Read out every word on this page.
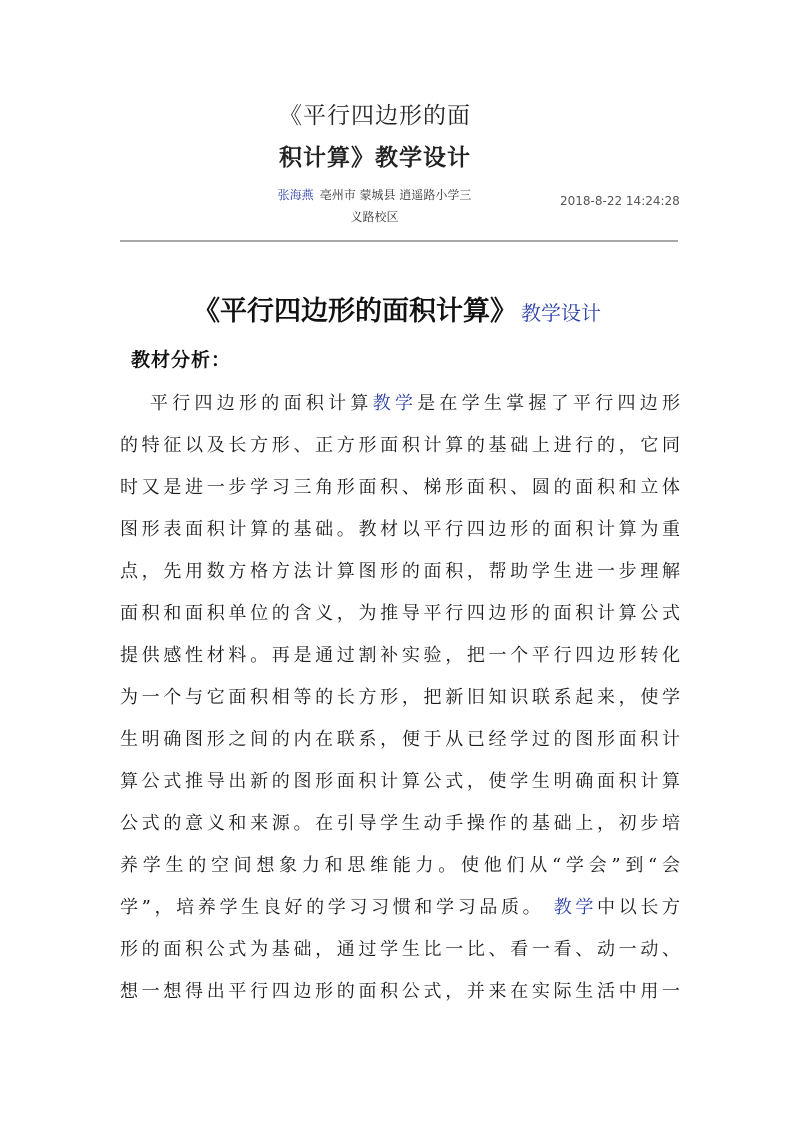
《平行四边形的面
积计算》教学设计
张海燕 亳州市 蒙城县 逍遥路小学三
义路校区
2018-8-22 14:24:28
《平行四边形的面积计算》 教学设计
教材分析：
平行四边形的面积计算教学是在学生掌握了平行四边形
的特征以及长方形、正方形面积计算的基础上进行的，它同
时又是进一步学习三角形面积、梯形面积、圆的面积和立体
图形表面积计算的基础。教材以平行四边形的面积计算为重
点，先用数方格方法计算图形的面积，帮助学生进一步理解
面积和面积单位的含义，为推导平行四边形的面积计算公式
提供感性材料。再是通过割补实验，把一个平行四边形转化
为一个与它面积相等的长方形，把新旧知识联系起来，使学
生明确图形之间的内在联系，便于从已经学过的图形面积计
算公式推导出新的图形面积计算公式，使学生明确面积计算
公式的意义和来源。在引导学生动手操作的基础上，初步培
养学生的空间想象力和思维能力。使他们从“学会”到“会
学”，培养学生良好的学习习惯和学习品质。 教学中以长方
形的面积公式为基础，通过学生比一比、看一看、动一动、
想一想得出平行四边形的面积公式，并来在实际生活中用一
